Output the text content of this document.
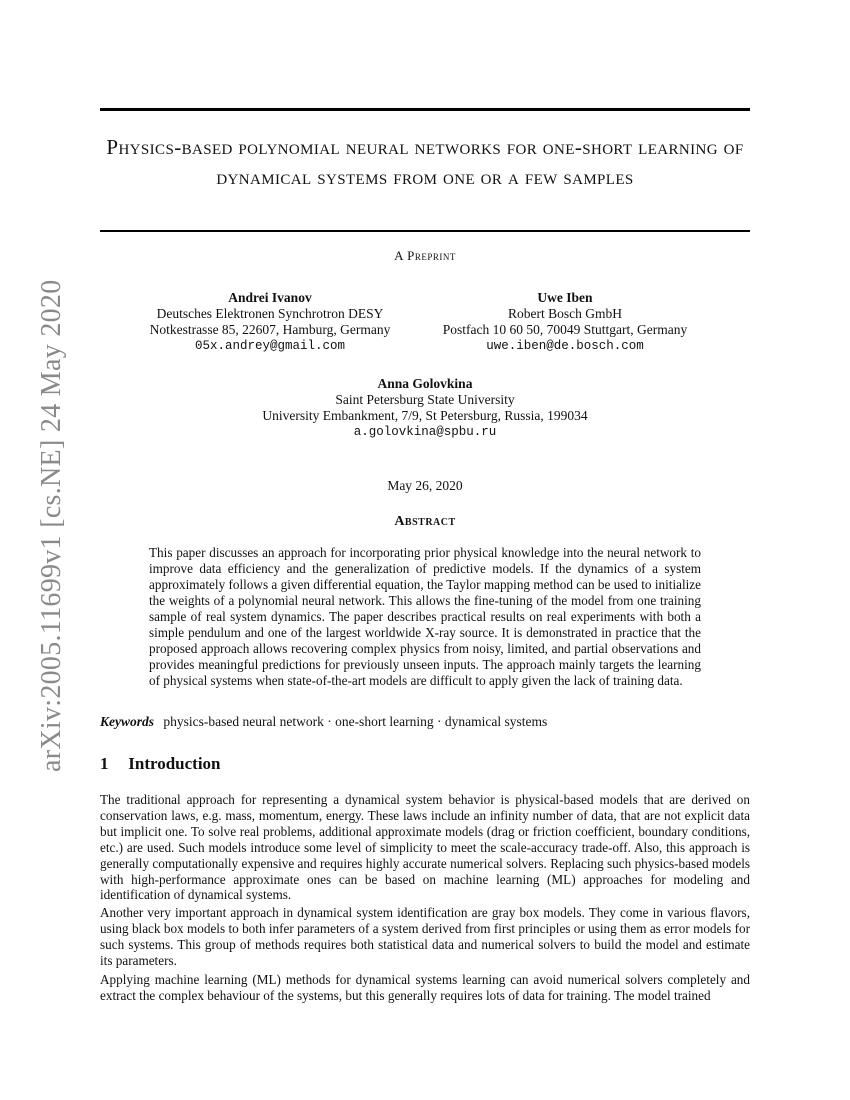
arXiv:2005.11699v1 [cs.NE] 24 May 2020
Physics-based polynomial neural networks for one-short learning of dynamical systems from one or a few samples
A Preprint
Andrei Ivanov
Deutsches Elektronen Synchrotron DESY
Notkestrasse 85, 22607, Hamburg, Germany
05x.andrey@gmail.com
Uwe Iben
Robert Bosch GmbH
Postfach 10 60 50, 70049 Stuttgart, Germany
uwe.iben@de.bosch.com
Anna Golovkina
Saint Petersburg State University
University Embankment, 7/9, St Petersburg, Russia, 199034
a.golovkina@spbu.ru
May 26, 2020
Abstract

This paper discusses an approach for incorporating prior physical knowledge into the neural network to improve data efficiency and the generalization of predictive models. If the dynamics of a system approximately follows a given differential equation, the Taylor mapping method can be used to initialize the weights of a polynomial neural network. This allows the fine-tuning of the model from one training sample of real system dynamics. The paper describes practical results on real experiments with both a simple pendulum and one of the largest worldwide X-ray source. It is demonstrated in practice that the proposed approach allows recovering complex physics from noisy, limited, and partial observations and provides meaningful predictions for previously unseen inputs. The approach mainly targets the learning of physical systems when state-of-the-art models are difficult to apply given the lack of training data.

Keywords physics-based neural network · one-short learning · dynamical systems
1 Introduction

The traditional approach for representing a dynamical system behavior is physical-based models that are derived on conservation laws, e.g. mass, momentum, energy. These laws include an infinity number of data, that are not explicit data but implicit one. To solve real problems, additional approximate models (drag or friction coefficient, boundary conditions, etc.) are used. Such models introduce some level of simplicity to meet the scale-accuracy trade-off. Also, this approach is generally computationally expensive and requires highly accurate numerical solvers. Replacing such physics-based models with high-performance approximate ones can be based on machine learning (ML) approaches for modeling and identification of dynamical systems.

Another very important approach in dynamical system identification are gray box models. They come in various flavors, using black box models to both infer parameters of a system derived from first principles or using them as error models for such systems. This group of methods requires both statistical data and numerical solvers to build the model and estimate its parameters.

Applying machine learning (ML) methods for dynamical systems learning can avoid numerical solvers completely and extract the complex behaviour of the systems, but this generally requires lots of data for training. The model trained
